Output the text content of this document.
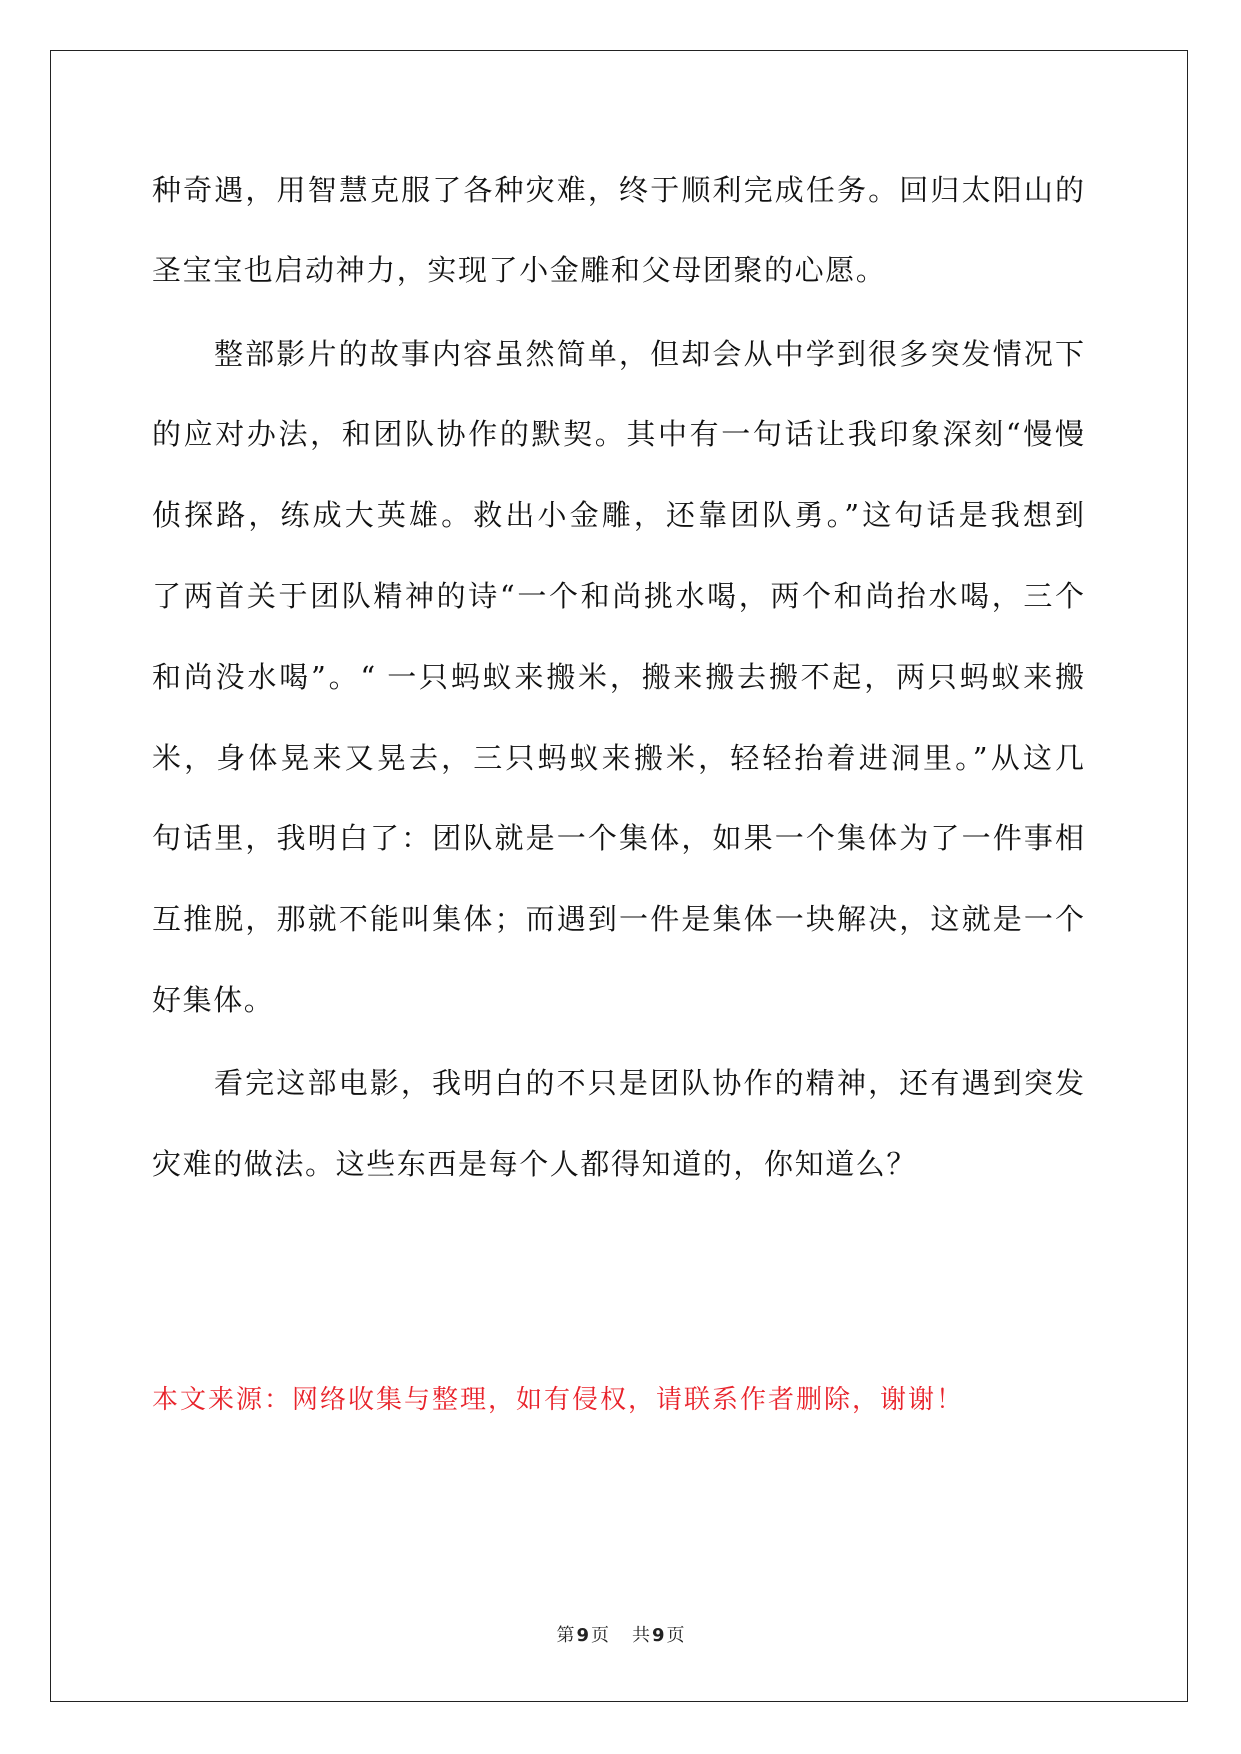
种奇遇，用智慧克服了各种灾难，终于顺利完成任务。回归太阳山的
圣宝宝也启动神力，实现了小金雕和父母团聚的心愿。
整部影片的故事内容虽然简单，但却会从中学到很多突发情况下
的应对办法，和团队协作的默契。其中有一句话让我印象深刻“慢慢
侦探路，练成大英雄。救出小金雕，还靠团队勇。”这句话是我想到
了两首关于团队精神的诗“一个和尚挑水喝，两个和尚抬水喝，三个
和尚没水喝”。“ 一只蚂蚁来搬米，搬来搬去搬不起，两只蚂蚁来搬
米，身体晃来又晃去，三只蚂蚁来搬米，轻轻抬着进洞里。”从这几
句话里，我明白了：团队就是一个集体，如果一个集体为了一件事相
互推脱，那就不能叫集体；而遇到一件是集体一块解决，这就是一个
好集体。
看完这部电影，我明白的不只是团队协作的精神，还有遇到突发
灾难的做法。这些东西是每个人都得知道的，你知道么？
本文来源：网络收集与整理，如有侵权，请联系作者删除，谢谢！
第 9 页 共 9 页
